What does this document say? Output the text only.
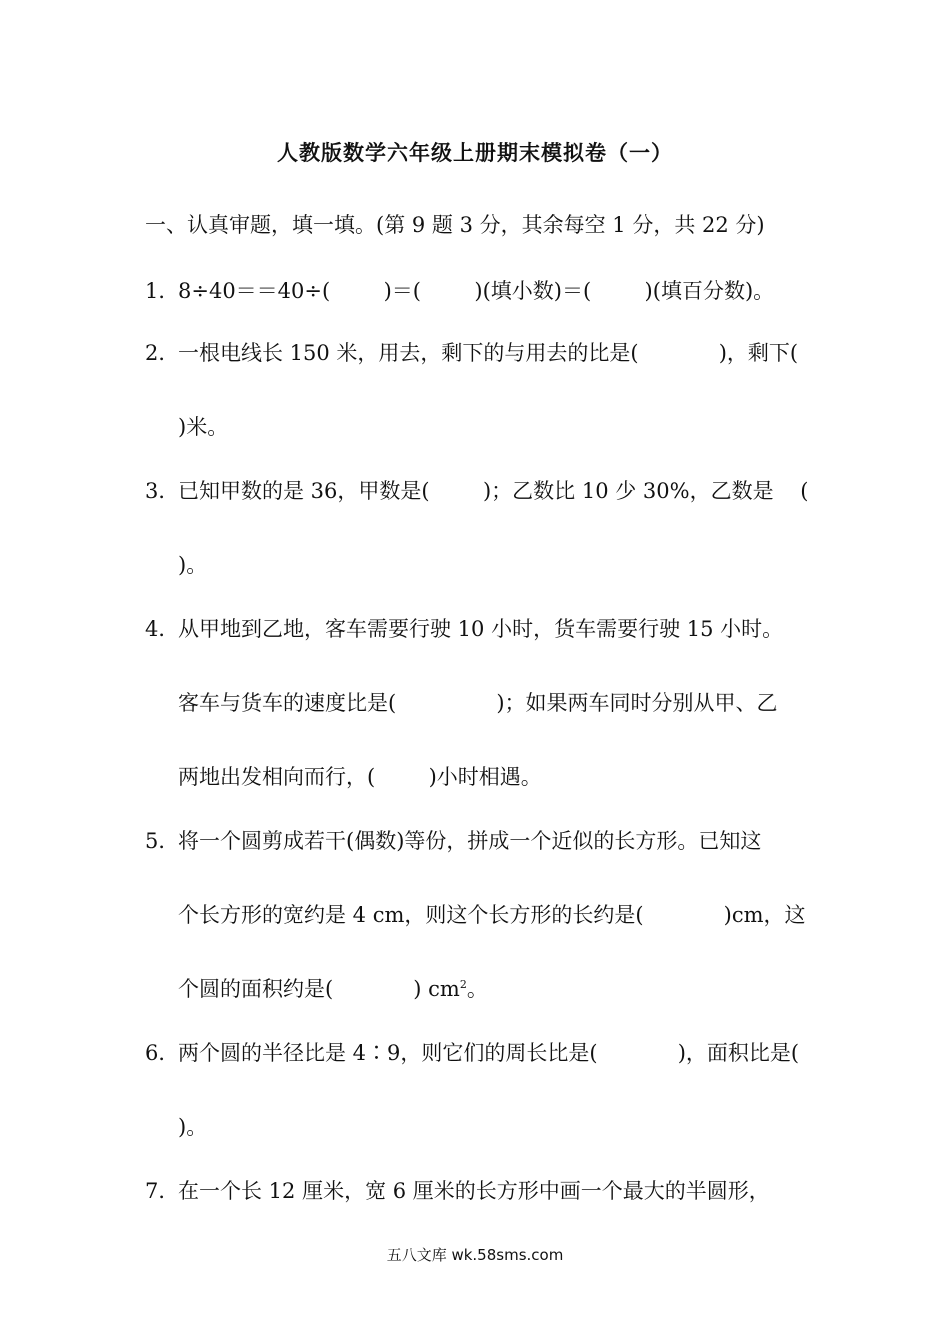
人教版数学六年级上册期末模拟卷（一）
一、认真审题，填一填。(第 9 题 3 分，其余每空 1 分，共 22 分)
1．
8÷40＝＝40÷(        )＝(        )(填小数)＝(        )(填百分数)。
2．
一根电线长 150 米，用去，剩下的与用去的比是(            )，剩下(
)米。
3．
已知甲数的是 36，甲数是(        )；乙数比 10 少 30%，乙数是    (
)。
4．
从甲地到乙地，客车需要行驶 10 小时，货车需要行驶 15 小时。
客车与货车的速度比是(               )；如果两车同时分别从甲、乙
两地出发相向而行，(        )小时相遇。
5．
将一个圆剪成若干(偶数)等份，拼成一个近似的长方形。已知这
个长方形的宽约是 4 cm，则这个长方形的长约是(            )cm，这
个圆的面积约是(            ) $cm^2$。
6．
两个圆的半径比是 4∶9，则它们的周长比是(            )，面积比是(
)。
7．
在一个长 12 厘米，宽 6 厘米的长方形中画一个最大的半圆形，
五八文库 wk.58sms.com
